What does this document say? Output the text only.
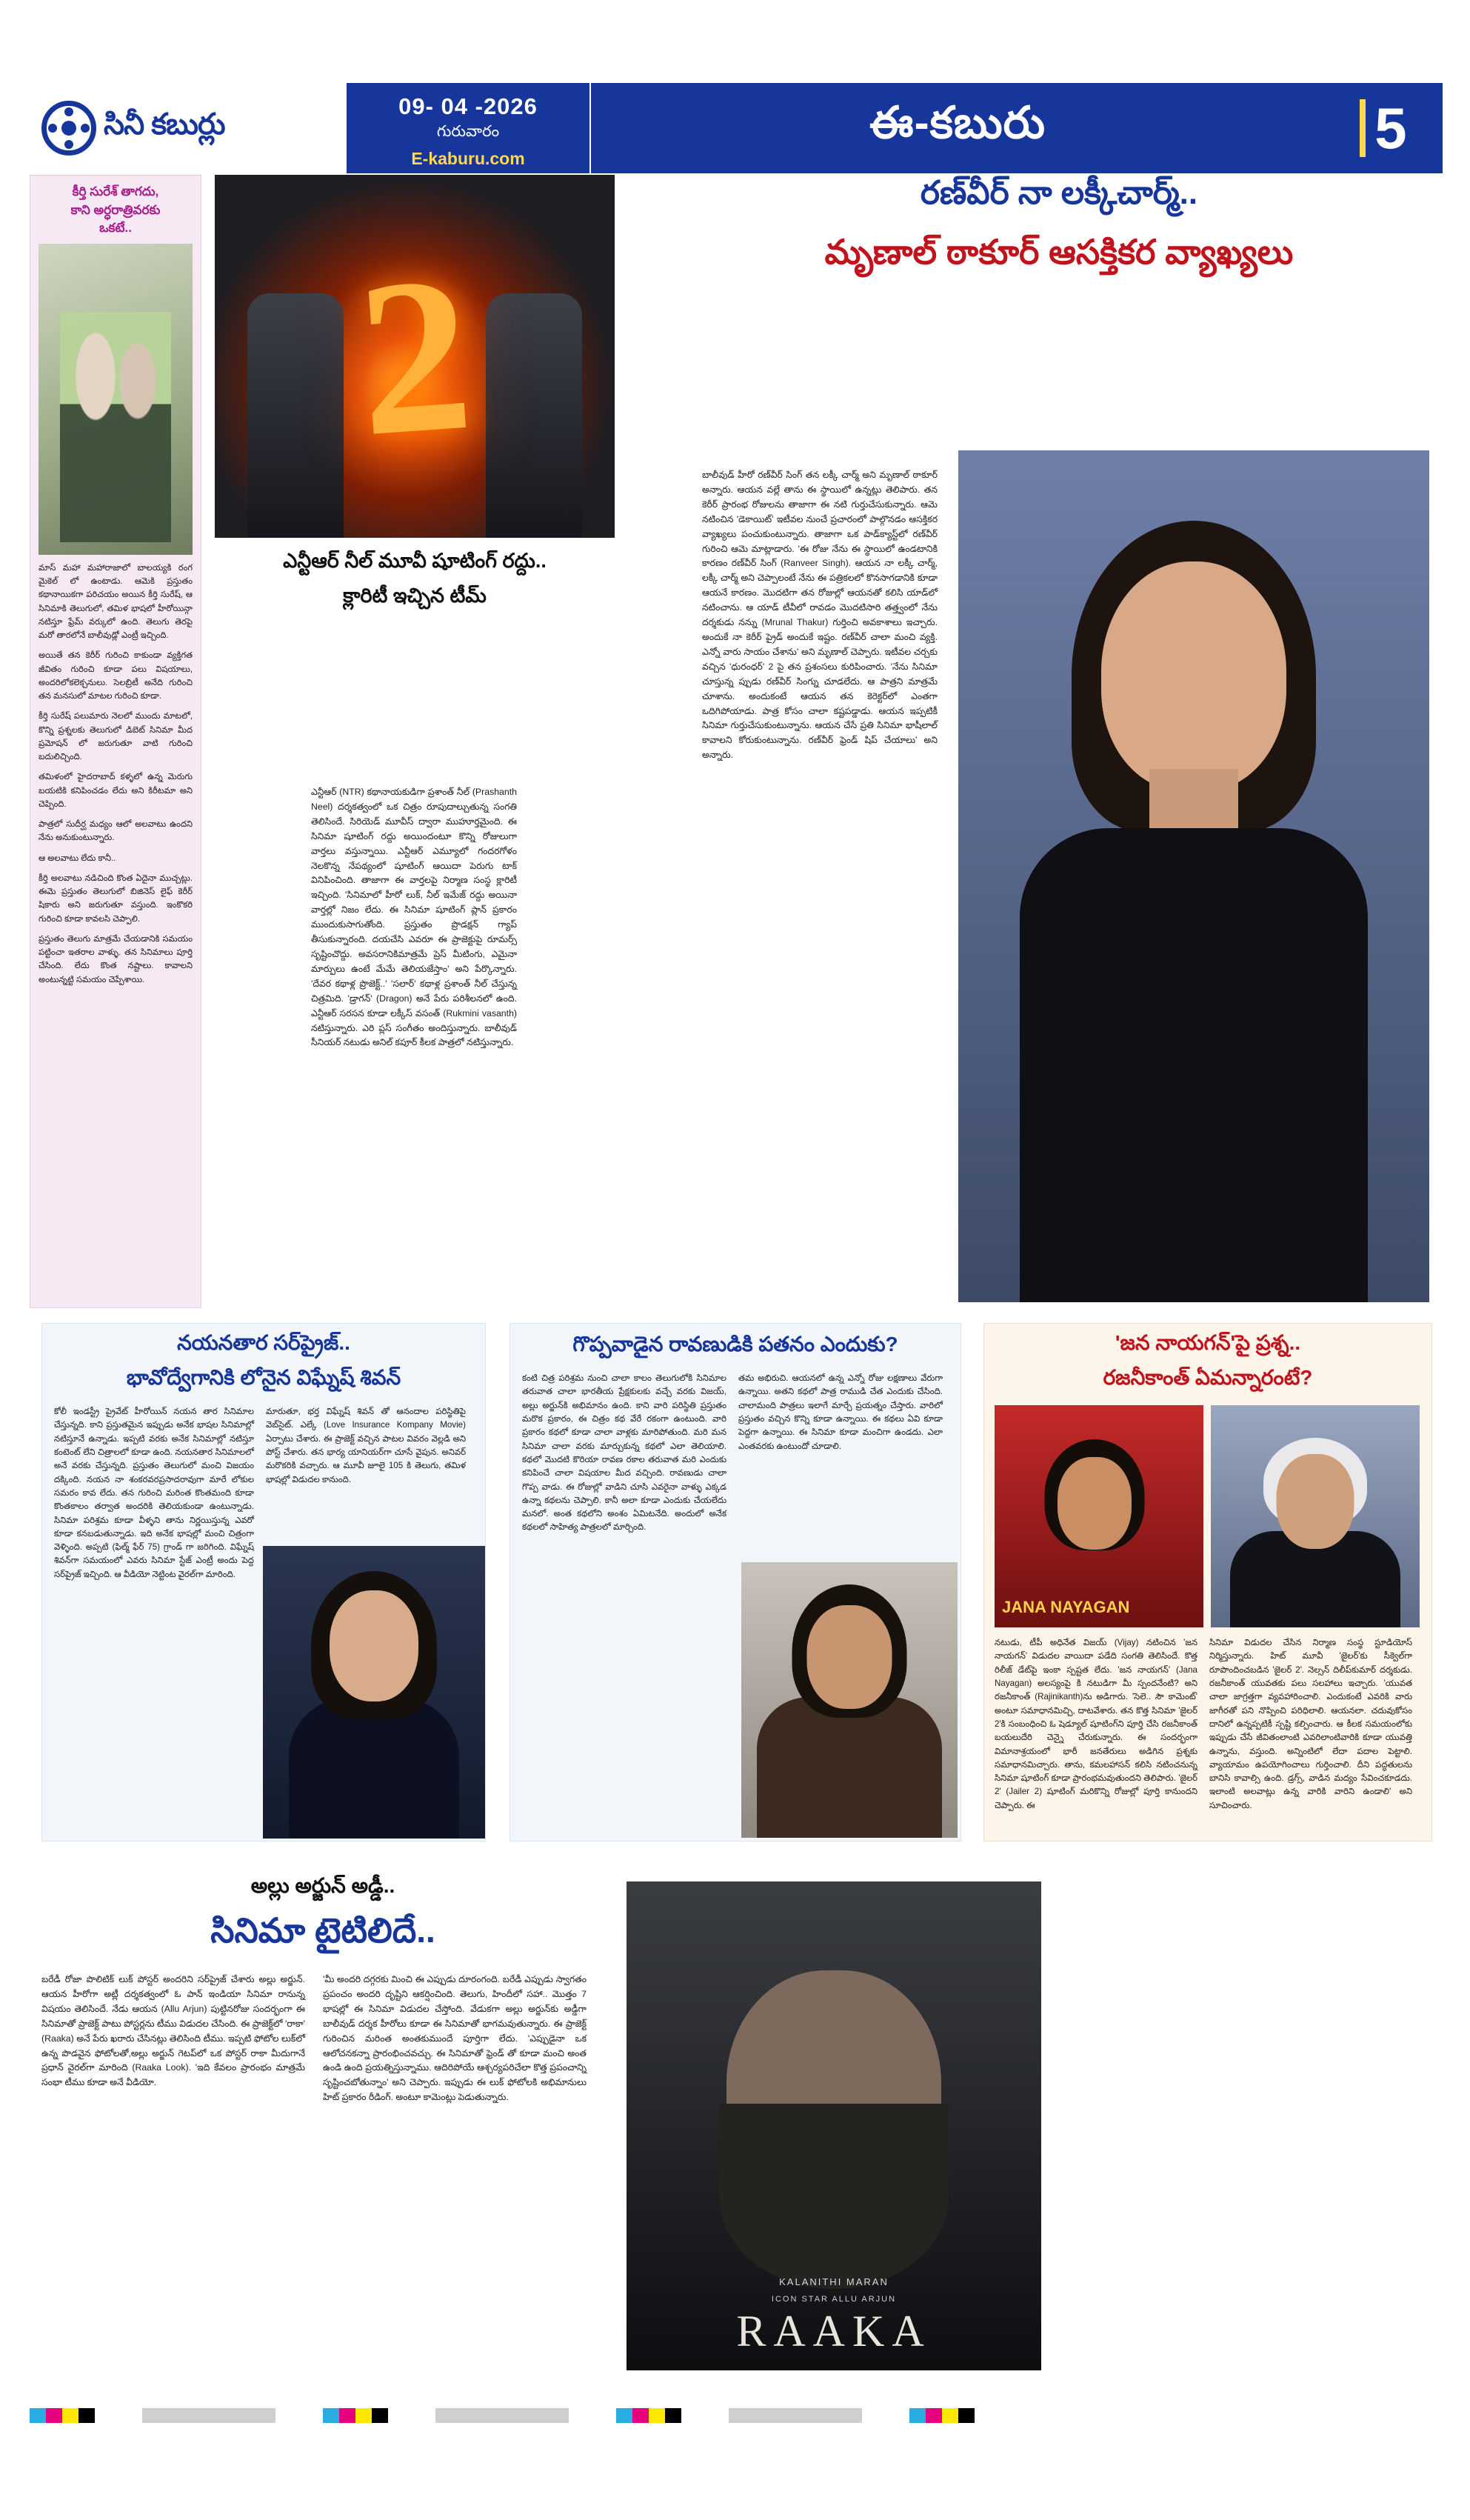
సినీ కబుర్లు
09- 04 -2026
గురువారం
E-kaburu.com
ఈ-కబురు	5
కీర్తి సురేశ్ తాగదు,
కాని అర్ధరాత్రివరకు
ఒకటే..

మాస్ మహా మహారాజాలో బాలయ్యకి రంగ మైకెల్ లో ఉంటాడు. ఆమెకి ప్రస్తుతం కథానాయికగా పరిచయం అయిన కీర్తి సురేష్, ఆ సినిమాకి తెలుగులో, తమిళ భాషలో హీరోయిన్గా నటిస్తూ ఫ్రేమ్ వర్కులో ఉంది. తెలుగు తెరపై మరో తారలోనే బాలీవుడ్లో ఎంట్రీ ఇచ్చింది.

అయితే తన కెరీర్ గురించి కాకుండా వ్యక్తిగత జీవితం గురించి కూడా పలు విషయాలు, అందరిలోకలెక్చనులు. సెలబ్రిటీ అనేది గురించి తన మనసులో మాటల గురించి కూడా.

కీర్తి సురేష్ పలుమారు నెలలో ముందు మాటలో, కొన్ని ప్రశ్నలకు తెలుగులో డిబెట్ సినిమా మీద ప్రమోషన్ లో జరుగుతూ వాటి గురించి బదులిచ్చింది.

తమిళంలో హైదరాబాద్ కళ్ళలో ఉన్న మెరుగు బయటికి కనిపించడం లేదు అని కిరీటమా అని చెప్పింది.

పాత్రలో సుదీర్ఘ మధ్యం ఆలో అలవాటు ఉందని నేను అనుకుంటున్నారు.

ఆ అలవాటు లేదు కానీ..

కీర్తి అలవాటు నడిచింది కొంత ఏదైనా ముచ్చట్లు. ఈమె ప్రస్తుతం తెలుగులో బిజినెస్ లైఫ్ కెరీర్ షికారు అని జరుగుతూ వస్తుంది. ఇంకొకరి గురించి కూడా కావలసి చెప్పాలి.

ప్రస్తుతం తెలుగు మాత్రమే చేయడానికి సమయం పట్టించా ఇతరాల వాళ్ళు. తన సినిమాలు పూర్తి చేసింది. లేదు కొంత నష్టాలు. కావాలని అంటున్నట్టి సమయం చెప్పేశాయి.

2
ఎన్టీఆర్ నీల్ మూవీ షూటింగ్ రద్దు..
క్లారిటీ ఇచ్చిన టీమ్
ఎన్టీఆర్ (NTR) కథానాయకుడిగా ప్రశాంత్ నీల్ (Prashanth Neel) దర్శకత్వంలో ఒక చిత్రం రూపుదాల్చుతున్న సంగతి తెలిసిందే. సిరియెడ్ మూవీస్ ద్వారా ముహూర్తమైంది. ఈ సినిమా షూటింగ్ రద్దు అయిందంటూ కొన్ని రోజులుగా వార్తలు వస్తున్నాయి. ఎన్టీఆర్ ఎమ్యూలో గందరగోళం నెలకొన్న నేపథ్యంలో షూటింగ్ ఆయిదా పెరుగు టాక్ వినిపించింది. తాజాగా ఈ వార్తలపై నిర్మాణ సంస్థ క్లారిటీ ఇచ్చింది. 'సినిమాలో హీరో లుక్, నీల్ ఇమేజ్ రద్దు అయినా వార్తల్లో నిజం లేదు. ఈ సినిమా షూటింగ్ ప్లాన్ ప్రకారం ముందుకుసాగుతోంది. ప్రస్తుతం ప్రొడక్షన్ గ్యాప్ తీసుకున్నారంది. దయచేసి ఎవరూ ఈ ప్రాజెక్టుపై రూమర్స్ సృష్టించొద్దు. అవసరానికిమాత్రమే ప్రెస్ మీటింగు, ఎమైనా మార్పులు ఉంటే మేమే తెలియజేస్తాం' అని పేర్కొన్నారు. 'దేవర కథాళ్ల ప్రొజెక్ట్..' 'సలార్' కథాళ్ల ప్రశాంత్ నీల్ చేస్తున్న చిత్రమిది. 'డ్రాగన్' (Dragon) అనే పేరు పరిశీలనలో ఉంది. ఎన్టీఆర్ సరసన కూడా లక్కీస్ వసంత్ (Rukmini vasanth) నటిస్తున్నారు. ఎరి ప్లస్ సంగీతం అందిస్తున్నారు. బాలీవుడ్ సీనియర్ నటుడు అనిల్ కపూర్ కీలక పాత్రలో నటిస్తున్నారు.
రణ్‌వీర్ నా లక్కీ‌చార్మ్..
మృణాల్ ఠాకూర్ ఆసక్తికర వ్యాఖ్యలు
బాలీవుడ్ హీరో రణ్‌వీర్ సింగ్ తన లక్కీ చార్మ్ అని మృణాల్ ఠాకూర్ అన్నారు. ఆయన వల్లే తాను ఈ స్థాయిలో ఉన్నట్లు తెలిపారు. తన కెరీర్ ప్రారంభ రోజులను తాజాగా ఈ నటి గుర్తుచేసుకున్నారు. ఆమె నటించిన 'డెకాయిట్' ఇటీవల నుంచే ప్రచారంలో పాల్గొనడం ఆసక్తికర వ్యాఖ్యలు పంచుకుంటున్నారు. తాజాగా ఒక పాడ్‌క్యాస్ట్‌లో రణ్‌వీర్ గురించి ఆమె మాట్లాడారు. 'ఈ రోజు నేను ఈ స్థాయిలో ఉండటానికి కారణం రణ్‌వీర్ సింగ్ (Ranveer Singh). ఆయన నా లక్కీ చార్మ్, లక్కీ చార్మ్ అని చెప్పాలంటే నేను ఈ పత్రికలలో కొనసాగడానికి కూడా ఆయనే కారణం. మొదటిగా తన రోజుల్లో ఆయనతో కలిసి యాడ్‌లో నటించాను. ఆ యాడ్ టీవీలో రావడం మొదటిసారి తత్త్వంలో నేను దర్శకుడు నన్ను (Mrunal Thakur) గుర్తించి అవకాశాలు ఇచ్చారు. అందుకే నా కెరీర్ ప్రైడ్ అందుకే ఇష్టం. రణ్‌వీర్ చాలా మంచి వ్యక్తి. ఎన్నో వారు సాయం చేశాను' అని మృణాల్ చెప్పారు. ఇటీవల చర్చకు వచ్చిన 'ధురంధర్' 2 పై తన ప్రశంసలు కురిపించారు. 'నేను సినిమా చూస్తున్న ప్పుడు రణ్‌వీర్ సింగ్ను చూడలేదు. ఆ పాత్రని మాత్రమే చూశాను. అందుకంటే ఆయన తన కెరెక్టర్‌లో ఎంతగా ఒదిగిపోయాడు. పాత్ర కోసం చాలా కష్టపడ్డాడు. ఆయన ఇప్పటికీ సినిమా గుర్తుచేసుకుంటున్నాను. ఆయన చేసే ప్రతి సినిమా భాషీలాల్ కావాలని కోరుకుంటున్నాను. రణ్‌వీర్ ఫ్రెండ్ షిప్ చేయాలు' అని అన్నారు.
నయనతార సర్‌ప్రైజ్..
భావోద్వేగానికి లోనైన విఘ్నేష్ శివన్
కోలీ ఇండస్ట్రీ ప్రైవేట్ హీరోయిన్ నయన తార సినిమాల చేస్తున్నది. కాని ప్రస్తుతమైన ఇప్పుడు అనేక భాషల సినిమాల్లో నటిస్తూనే ఉన్నాడు. ఇప్పటి వరకు అనేక సినిమాల్లో నటిస్తూ కంటెంట్ లేని చిత్రాలలో కూడా ఉంది. నయనతార సినిమాలలో అనే వరకు చేస్తున్నది. ప్రస్తుతం తెలుగులో మంచి విజయం దక్కింది. నయన నా శంకరవరప్రసాదరావుగా మారే లోకుల సమరం కావ లేదు. తన గురించి మరింత కొంతమంది కూడా కొంతకాలం తర్వాత అందరికి తెలియకుండా ఉంటున్నాడు. సినిమా పరిశ్రమ కూడా వీళ్ళని తాను నిర్ణయిస్తున్న ఎవరో కూడా కనబడుతున్నాడు. ఇది అనేక భాషల్లో మంచి చిత్రంగా వెళ్ళింది. అప్పటి (ఫిల్మ్ ఫేర్ 75) గ్రాండ్ గా జరిగింది. విఘ్నేష్ శివన్‌గా సమయంలో ఎవరు సినిమా స్టేజ్ ఎంట్రీ అందు పెద్ద సర్‌ప్రైజ్ ఇచ్చింది. ఆ వీడియో నెట్టింట వైరల్‌గా మారింది.
మారుతూ, భర్త విఘ్నేష్ శివన్ తో ఆనందాల పరిస్థితిపై వెబ్‌సైట్. ఎల్కే (Love Insurance Kompany Movie) ఏర్పాటు చేశారు. ఈ ప్రాజెక్ట్ వచ్చిన పాటల వివరం వెల్లడి అని పోస్ట్ చేశారు. తన భార్య యానియర్‌గా చూసే వైపున. అనివర్ మరొకరికి వచ్చారు. ఆ మూవీ జూలై 105 కి తెలుగు, తమిళ భాషల్లో విడుదల కానుంది.
గొప్పవాడైన రావణుడికి పతనం ఎందుకు?
కంటి చిత్ర పరిశ్రమ నుంచి చాలా కాలం తెలుగులోకి సినిమాల తరువాత చాలా భారతీయ ప్రేక్షకులకు వచ్చే వరకు విజయ్, అల్లు అర్జున్‌కి అభిమానం ఉంది. కాని వారి పరిస్థితి ప్రస్తుతం మరొక ప్రకారం, ఈ చిత్రం కథ వేరే రకంగా ఉంటుంది. వారి ప్రకారం కథలో కూడా చాలా వాళ్లకు మారిపోతుంది. మరి మన సినిమా చాలా వరకు మార్చుకున్న కథలో ఎలా తెలియాలి. కథలో మొదటి కొరియా రావణ రకాల తరువాత మరి ఎందుకు కనిపించే చాలా విషయాల మీద వచ్చింది. రావణుడు చాలా గొప్ప వాడు. ఈ రోజుల్లో వాడిని చూసి ఎవరైనా వాళ్ళు ఎక్కడ ఉన్నా కథలను చెప్పాలి. కానీ అలా కూడా ఎందుకు చేయలేదు మనలో. అంత కథలోని అంశం ఏమిటనేది. అందులో అనేక కథలలో సాహిత్య పాత్రలలో మార్చింది.
తమ అభిరుచి. ఆయనలో ఉన్న ఎన్నో రోజు లక్షణాలు వేరుగా ఉన్నాయి. అతని కథలో పాత్ర రాముడి చేత ఎందుకు చేసింది. చాలామంది పాత్రలు ఇలాగే మార్చే ప్రయత్నం చేస్తారు. వారిలో ప్రస్తుతం వచ్చిన కొన్ని కూడా ఉన్నాయి. ఈ కథలు ఏవి కూడా పెద్దగా ఉన్నాయి. ఈ సినిమా కూడా మంచిగా ఉండదు. ఎలా ఎంతవరకు ఉంటుందో చూడాలి.
'జన నాయగన్'పై ప్రశ్న..
రజనీకాంత్ ఏమన్నారంటే?
JANA NAYAGAN
నటుడు, టీపీ అధినేత విజయ్ (Vijay) నటించిన 'జన నాయగన్' విడుదల వాయిదా పడేది సంగతి తెలిసిందే. కొత్త రిలీజ్ డేట్‌పై ఇంకా స్పష్టత లేదు. 'జన నాయగన్' (Jana Nayagan) అలస్యంపై కి నటుడిగా మీ స్పందనేంటి? అని రజనీకాంత్ (Rajinikanth)ను అడిగారు. 'సెలె.. సౌ కామెంట్' అంటూ సమాధానమిచ్చి, దాటవేశారు. తన కొత్త సినిమా 'జైలర్ 2'కి సంబంధించి ఓ షెడ్యూల్ షూటింగ్‌ని పూర్తి చేసి రజనీకాంత్ బయలుదేరి చెన్నై చేరుకున్నారు. ఈ సందర్భంగా విమానాశ్రయంలో భారీ జనతేరులు అడిగిన ప్రశ్నకు సమాధానమిచ్చారు. తాను, కమలహాసన్ కలిసి నటించనున్న సినిమా షూటింగ్ కూడా ప్రారంభమవుతుందని తెలిపారు. 'జైలర్ 2' (Jailer 2) షూటింగ్ మరికొన్ని రోజుల్లో పూర్తి కానుందని చెప్పారు. ఈ
సినిమా విడుదల చేసిన నిర్మాణ సంస్థ స్టూడియోస్ నిర్మిస్తున్నారు. హిట్ మూవీ 'జైలర్'కు సీక్వెల్‌గా రూపొందించబడిన 'జైలర్ 2'. నెల్సన్ దిలీప్‌కుమార్ దర్శకుడు. రజనీకాంత్ యువతకు పలు సలహాలు ఇచ్చారు. 'యువత చాలా జాగ్రత్తగా వ్యవహారించాలి. ఎందుకంటే ఎవరికి వారు జాగీరతో పని నొప్పించి పరిధిలాలి. ఆయనలా. చదువుకోసం దానిలో ఉన్నప్పటికీ స్పష్టి కల్పించారు. ఆ కీలక సమయంలోకు ఇప్పుడు చేసే జీవితంలాంటి ఎవరిలాంటివారికి కూడా యువత్తి ఉన్నాను, వస్తుంది. అన్నింటిలో లేదా పదాల పెట్టాలి. వ్యాయామం ఉపయోగించాలు గుర్తించాలి. దీని పద్ధతులను బానిసి కావాల్సి ఉంది. డ్రగ్స్, వాడిన మద్యం సేవించకూడదు. ఇలాంటి అలవాట్లు ఉన్న వారికి వారిని ఉండాలి' అని సూచించారు.
అల్లు అర్జున్ అడ్డీ..
సినిమా టైటిలిదే..
బరేడీ రోజా పొలిటిక్ లుక్ పోస్టర్ అందరిని సర్‌ప్రైజ్ చేశారు అల్లు అర్జున్. ఆయన హీరోగా అట్లీ దర్శకత్వంలో ఓ పాన్ ఇండియా సినిమా రానున్న విషయం తెలిసిందే. నేడు ఆయన (Allu Arjun) పుట్టినరోజు సందర్భంగా ఈ సినిమాతో ప్రాజెక్ట్ పాటు పోస్టర్లను టీము విడుదల చేసింది. ఈ ప్రాజెక్ట్‌లో 'రాకా' (Raaka) అనే పేరు ఖరారు చేసినట్లు తెలిసింది టీము. ఇప్పటి ఫోటోల లుక్‌లో ఉన్న పొడవైన ఫోటోలతో,అల్లు అర్జున్ గెటప్‌లో ఒక పోస్టర్ రాకా మీదుగానే ప్రధాన్ వైరల్‌గా మారింది (Raaka Look). 'ఇది కేవలం ప్రారంభం మాత్రమే సంభా టీము కూడా అనే వీడియో.
'మీ అందరి దగ్గరకు మించి ఈ ఎప్పుడు దూరంగంది. బరేడీ ఎప్పుడు స్వాగతం ప్రపంచం అందరి దృష్టిని ఆకర్షించింది. తెలుగు, హిందీలో సహా.. మొత్తం 7 భాషల్లో ఈ సినిమా విడుదల చేస్తోంది. వేడుకగా అల్లు అర్జున్‌కు అడ్డీగా బాలీవుడ్ దర్శక హీరోలు కూడా ఈ సినిమాతో భాగమవుతున్నారు. ఈ ప్రాజెక్ట్ గురించిన మరింత అంతకుముందే పూర్తిగా లేదు. 'ఎప్పుడైనా ఒక ఆలోచనకన్నా ప్రారంభించవచ్చు. ఈ సినిమాతో ఫ్రెండ్ తో కూడా మంచి అంత ఉండి ఉంది ప్రయత్నిస్తున్నాము. ఆదిరిపోయే ఆశ్చర్యపరిచేలా కొత్త ప్రపంచాన్ని సృష్టించబోతున్నాం' అని చెప్పారు. ఇప్పుడు ఈ లుక్ ఫోటోలకి అభిమానులు హిట్ ప్రకారం రీడింగ్. అంటూ కామెంట్లు పెడుతున్నారు.
KALANITHI MARAN
ICON STAR ALLU ARJUN
RAAKA
